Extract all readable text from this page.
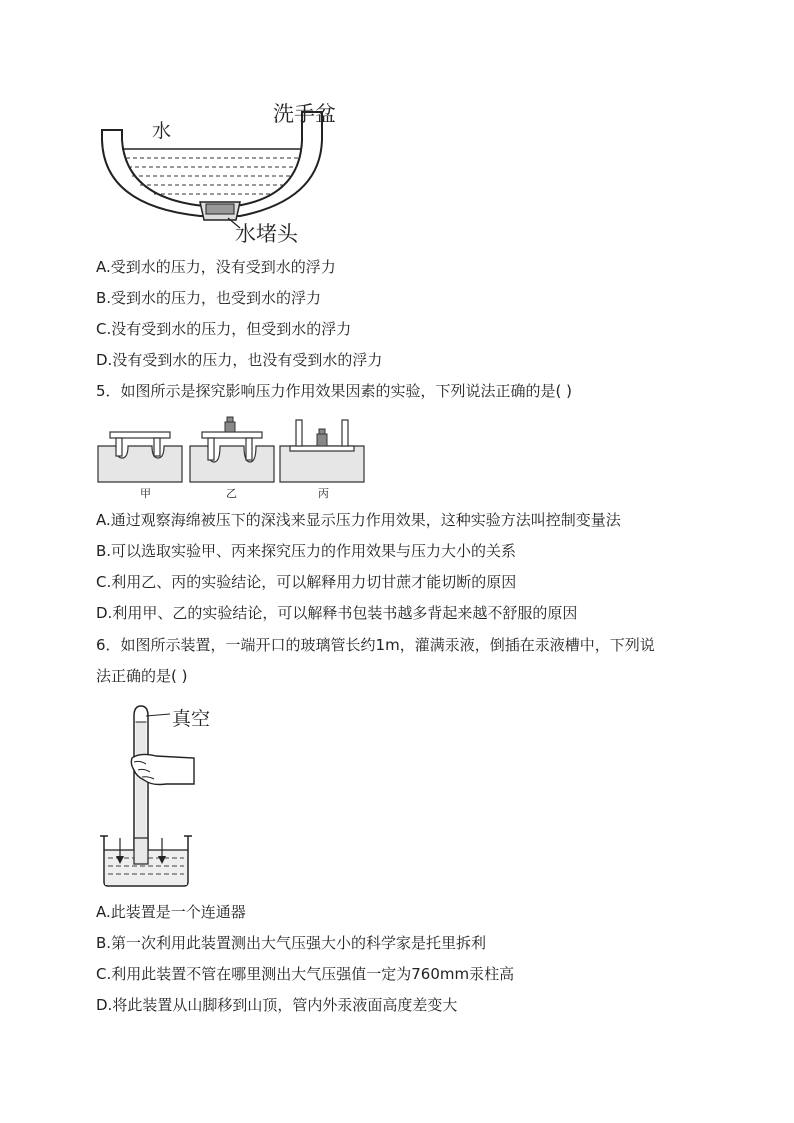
水
洗手盆
水堵头
A.受到水的压力，没有受到水的浮力
B.受到水的压力，也受到水的浮力
C.没有受到水的压力，但受到水的浮力
D.没有受到水的压力，也没有受到水的浮力
5．如图所示是探究影响压力作用效果因素的实验，下列说法正确的是( )
甲	乙	丙
A.通过观察海绵被压下的深浅来显示压力作用效果，这种实验方法叫控制变量法
B.可以选取实验甲、丙来探究压力的作用效果与压力大小的关系
C.利用乙、丙的实验结论，可以解释用力切甘蔗才能切断的原因
D.利用甲、乙的实验结论，可以解释书包装书越多背起来越不舒服的原因
6．如图所示装置，一端开口的玻璃管长约1m，灌满汞液，倒插在汞液槽中，下列说
法正确的是( )
真空
A.此装置是一个连通器
B.第一次利用此装置测出大气压强大小的科学家是托里拆利
C.利用此装置不管在哪里测出大气压强值一定为760mm汞柱高
D.将此装置从山脚移到山顶，管内外汞液面高度差变大
